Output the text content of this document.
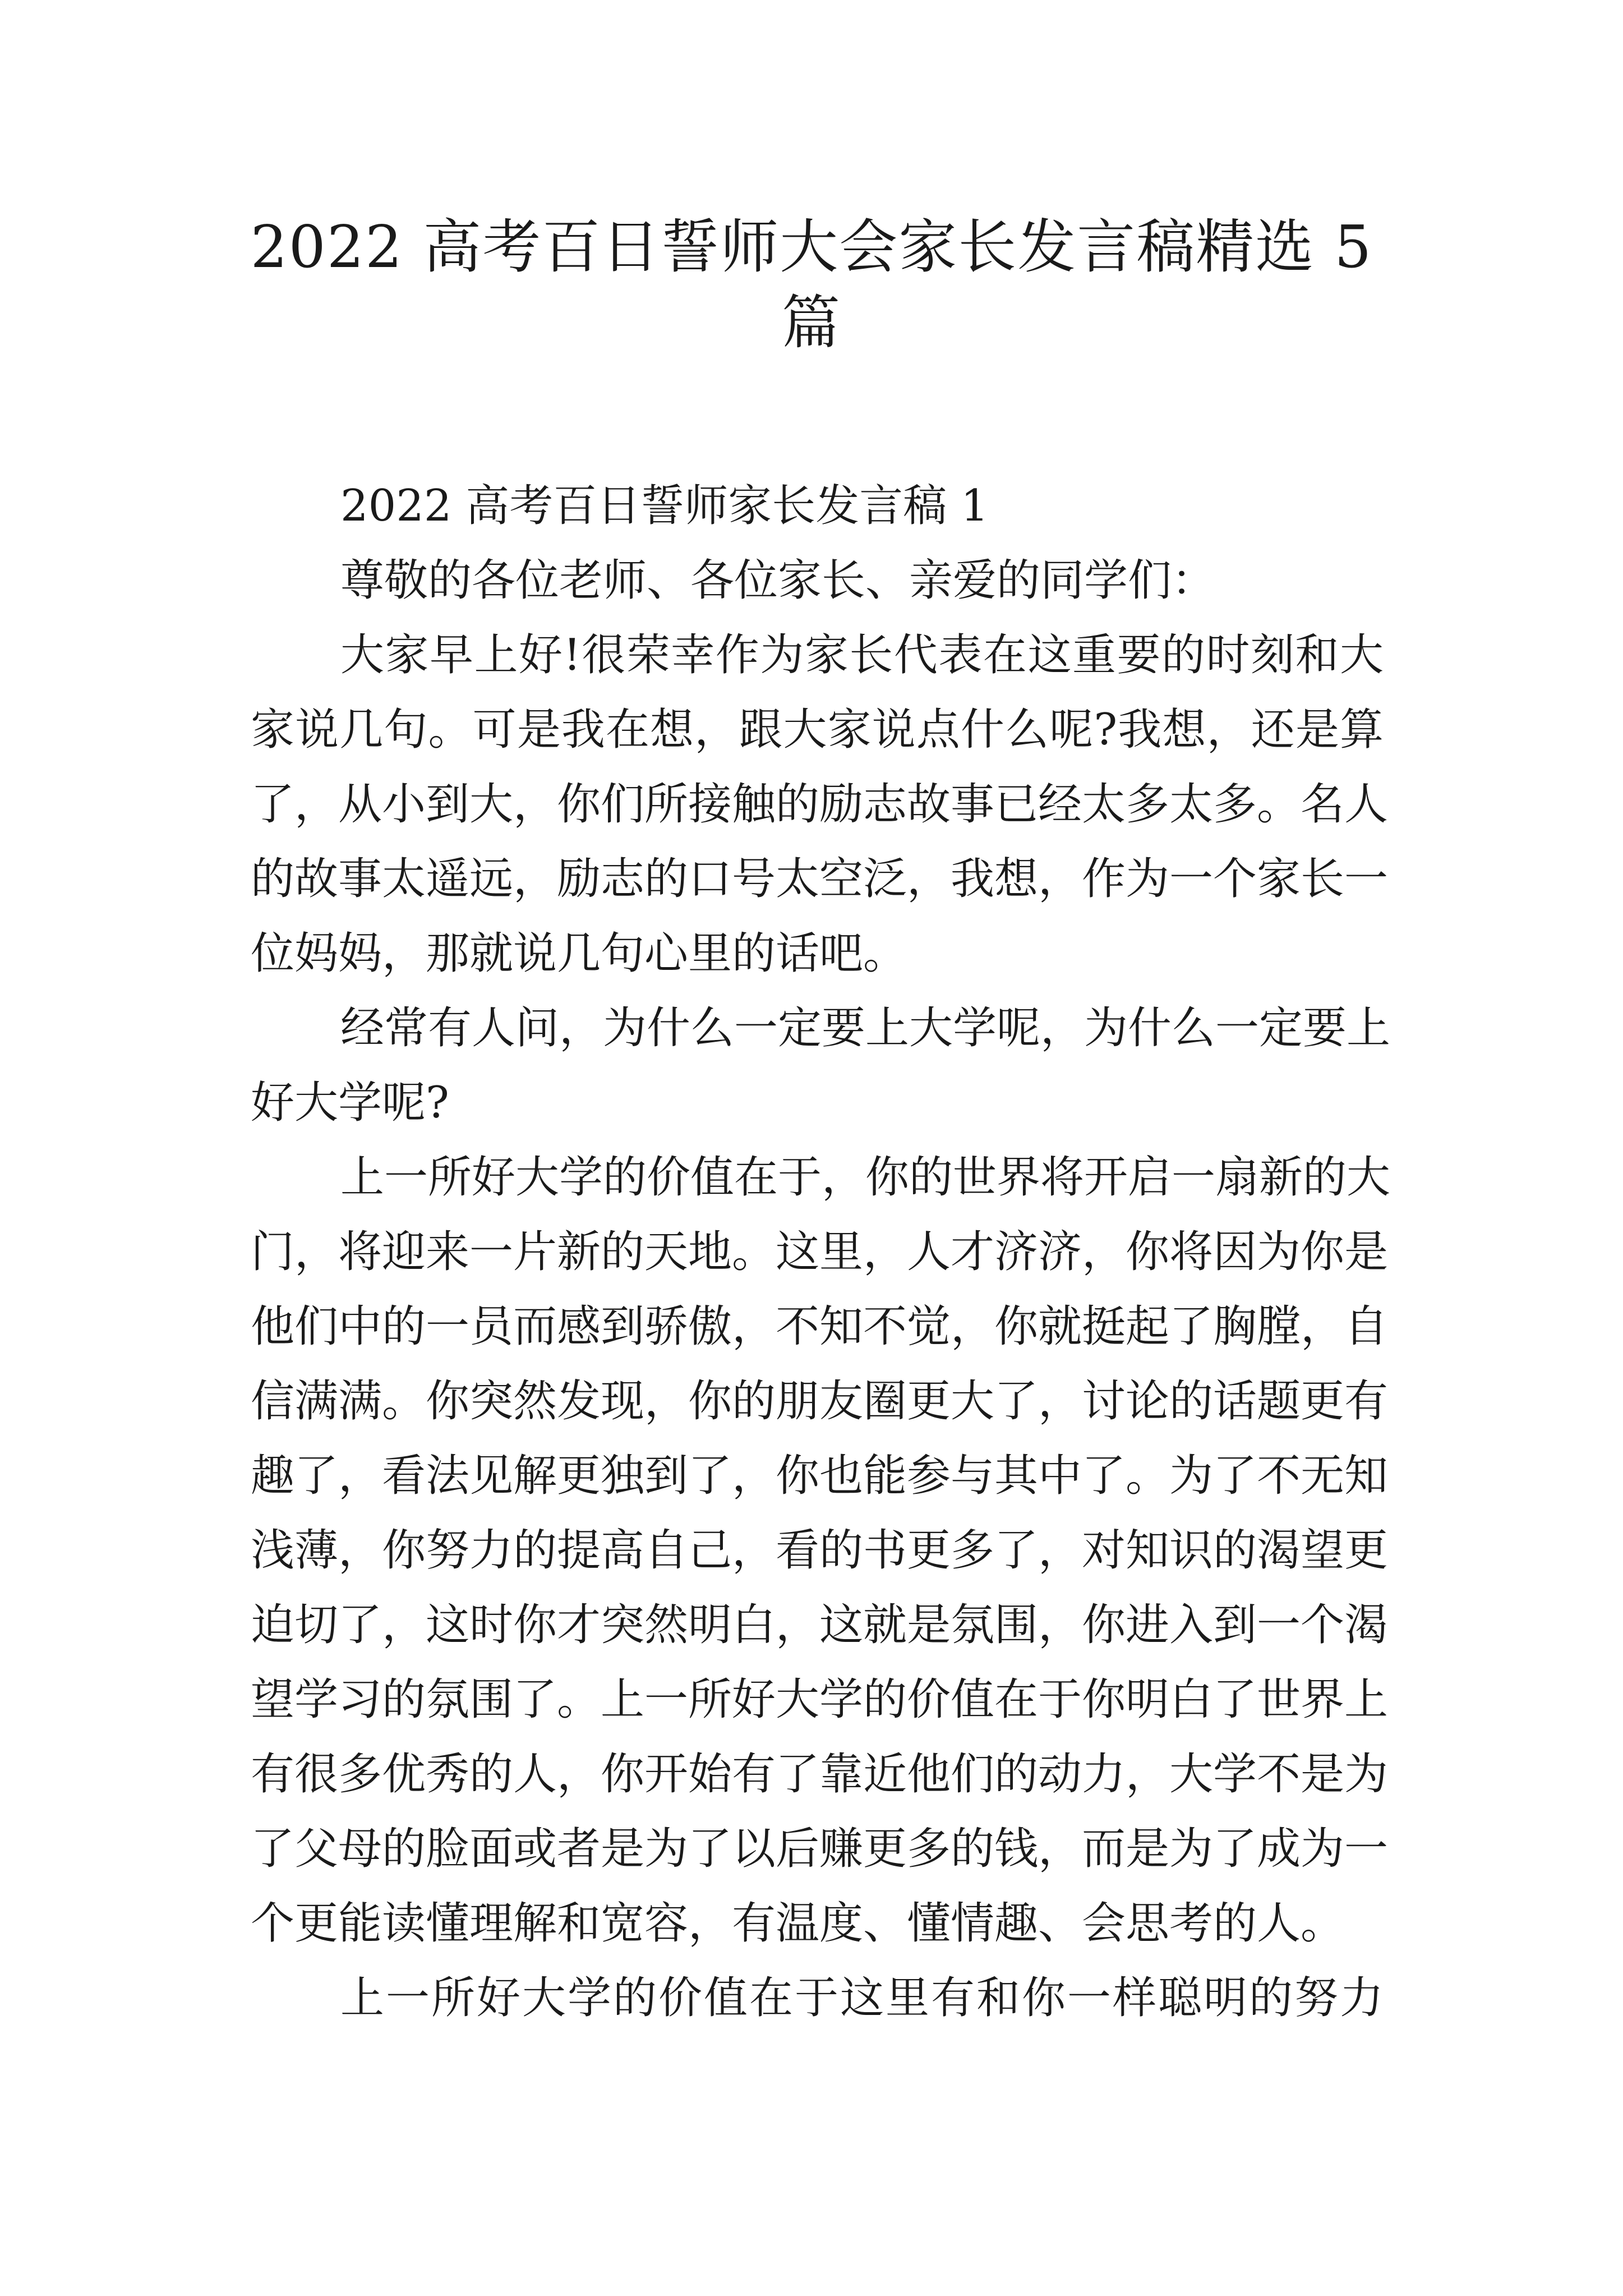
2022 高考百日誓师大会家长发言稿精选 5
篇
2022 高考百日誓师家长发言稿 1
尊敬的各位老师、各位家长、亲爱的同学们：
大家早上好!很荣幸作为家长代表在这重要的时刻和大
家说几句。可是我在想，跟大家说点什么呢?我想，还是算
了，从小到大，你们所接触的励志故事已经太多太多。名人
的故事太遥远，励志的口号太空泛，我想，作为一个家长一
位妈妈，那就说几句心里的话吧。
经常有人问，为什么一定要上大学呢，为什么一定要上
好大学呢?
上一所好大学的价值在于，你的世界将开启一扇新的大
门，将迎来一片新的天地。这里，人才济济，你将因为你是
他们中的一员而感到骄傲，不知不觉，你就挺起了胸膛，自
信满满。你突然发现，你的朋友圈更大了，讨论的话题更有
趣了，看法见解更独到了，你也能参与其中了。为了不无知
浅薄，你努力的提高自己，看的书更多了，对知识的渴望更
迫切了，这时你才突然明白，这就是氛围，你进入到一个渴
望学习的氛围了。上一所好大学的价值在于你明白了世界上
有很多优秀的人，你开始有了靠近他们的动力，大学不是为
了父母的脸面或者是为了以后赚更多的钱，而是为了成为一
个更能读懂理解和宽容，有温度、懂情趣、会思考的人。
上一所好大学的价值在于这里有和你一样聪明的努力
